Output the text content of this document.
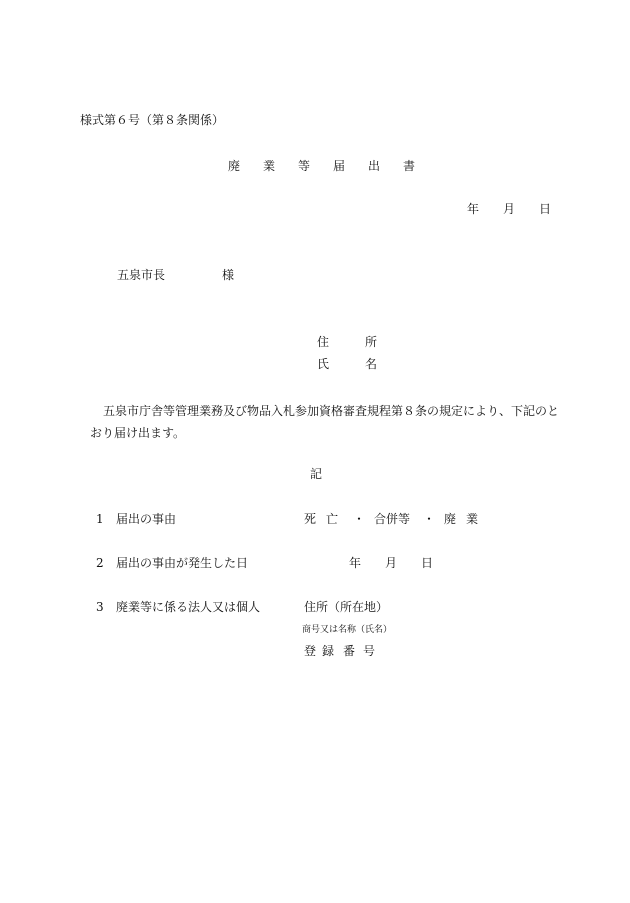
様式第６号（第８条関係）
廃 業 等 届 出 書
年 月 日
五泉市長	様
住	所
氏	名
五泉市庁舎等管理業務及び物品入札参加資格審査規程第８条の規定により、下記のと
おり届け出ます。
記
1 届出の事由	死 亡 ・ 合併等 ・ 廃 業
2 届出の事由が発生した日	年 月 日
3 廃業等に係る法人又は個人	住所（所在地）
商号又は名称（氏名）
登 録 番 号
